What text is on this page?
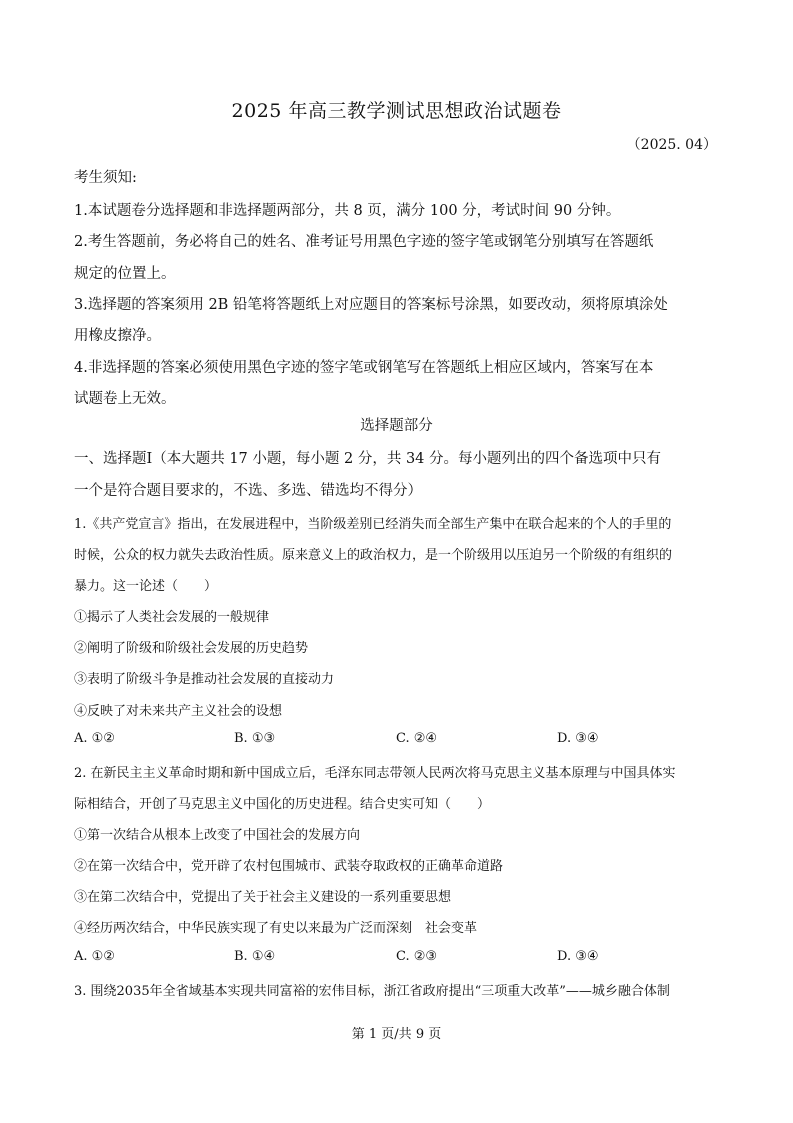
2025 年高三教学测试思想政治试题卷
（2025. 04）
考生须知:
1.本试题卷分选择题和非选择题两部分，共 8 页，满分 100 分，考试时间 90 分钟。
2.考生答题前，务必将自己的姓名、准考证号用黑色字迹的签字笔或钢笔分别填写在答题纸
规定的位置上。
3.选择题的答案须用 2B 铅笔将答题纸上对应题目的答案标号涂黑，如要改动，须将原填涂处
用橡皮擦净。
4.非选择题的答案必须使用黑色字迹的签字笔或钢笔写在答题纸上相应区域内，答案写在本
试题卷上无效。
选择题部分
一、选择题Ⅰ（本大题共 17 小题，每小题 2 分，共 34 分。每小题列出的四个备选项中只有
一个是符合题目要求的，不选、多选、错选均不得分）
1.《共产党宣言》指出，在发展进程中，当阶级差别已经消失而全部生产集中在联合起来的个人的手里的
时候，公众的权力就失去政治性质。原来意义上的政治权力，是一个阶级用以压迫另一个阶级的有组织的
暴力。这一论述（　　）
①揭示了人类社会发展的一般规律
②阐明了阶级和阶级社会发展的历史趋势
③表明了阶级斗争是推动社会发展的直接动力
④反映了对未来共产主义社会的设想
A. ①②	B. ①③	C. ②④	D. ③④
2. 在新民主主义革命时期和新中国成立后，毛泽东同志带领人民两次将马克思主义基本原理与中国具体实
际相结合，开创了马克思主义中国化的历史进程。结合史实可知（　　）
①第一次结合从根本上改变了中国社会的发展方向
②在第一次结合中，党开辟了农村包围城市、武装夺取政权的正确革命道路
③在第二次结合中，党提出了关于社会主义建设的一系列重要思想
④经历两次结合，中华民族实现了有史以来最为广泛而深刻　社会变革
A. ①②	B. ①④	C. ②③	D. ③④
3. 围绕2035年全省域基本实现共同富裕的宏伟目标，浙江省政府提出“三项重大改革”——城乡融合体制
第 1 页/共 9 页
